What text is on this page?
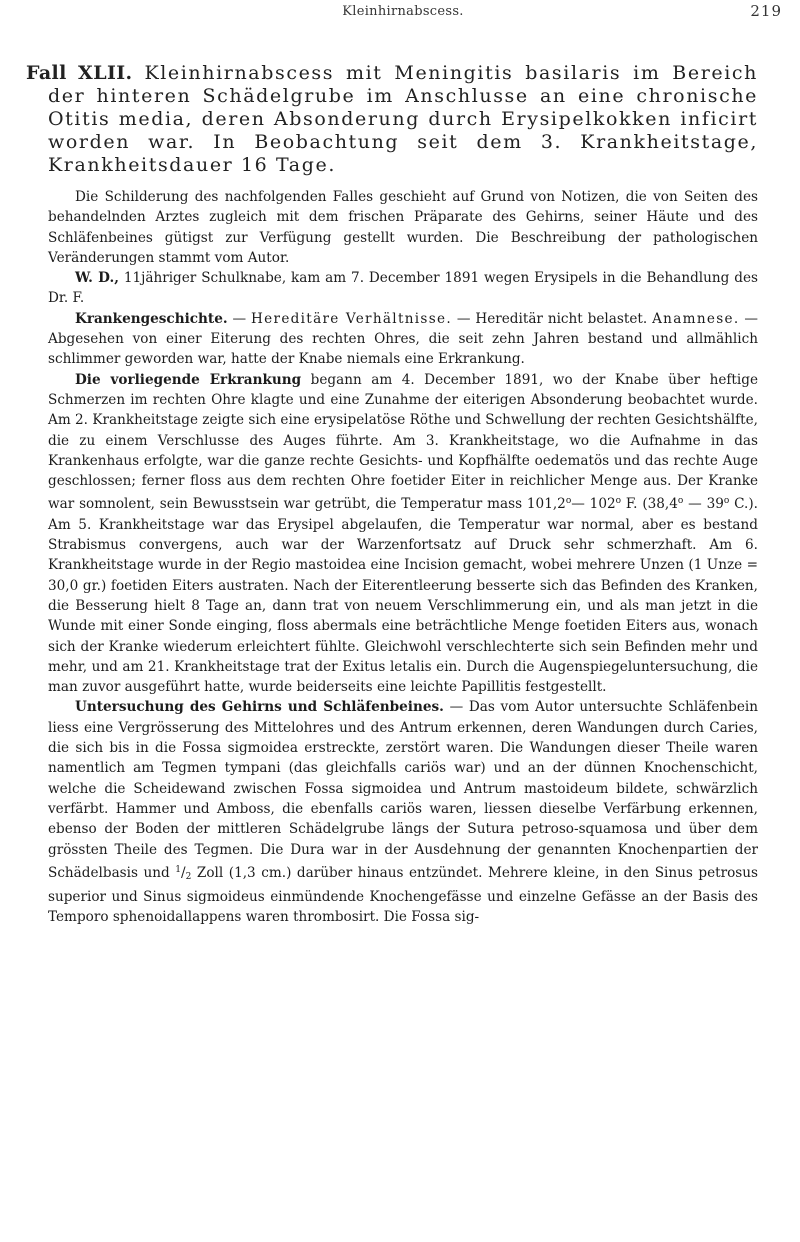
Kleinhirnabscess.	219
Fall XLII. Kleinhirnabscess mit Meningitis basilaris im Bereich der hinteren Schädelgrube im Anschlusse an eine chronische Otitis media, deren Absonderung durch Erysipelkokken inficirt worden war. In Beobachtung seit dem 3. Krankheitstage, Krankheitsdauer 16 Tage.

Die Schilderung des nachfolgenden Falles geschieht auf Grund von Notizen, die von Seiten des behandelnden Arztes zugleich mit dem frischen Präparate des Gehirns, seiner Häute und des Schläfenbeines gütigst zur Verfügung gestellt wurden. Die Beschreibung der pathologischen Veränderungen stammt vom Autor.

W. D., 11jähriger Schulknabe, kam am 7. December 1891 wegen Erysipels in die Behandlung des Dr. F.

Krankengeschichte. — Hereditäre Verhältnisse. — Hereditär nicht belastet. Anamnese. — Abgesehen von einer Eiterung des rechten Ohres, die seit zehn Jahren bestand und allmählich schlimmer geworden war, hatte der Knabe niemals eine Erkrankung.

Die vorliegende Erkrankung begann am 4. December 1891, wo der Knabe über heftige Schmerzen im rechten Ohre klagte und eine Zunahme der eiterigen Absonderung beobachtet wurde. Am 2. Krankheitstage zeigte sich eine erysipelatöse Röthe und Schwellung der rechten Gesichtshälfte, die zu einem Verschlusse des Auges führte. Am 3. Krankheitstage, wo die Aufnahme in das Krankenhaus erfolgte, war die ganze rechte Gesichts- und Kopfhälfte oedematös und das rechte Auge geschlossen; ferner floss aus dem rechten Ohre foetider Eiter in reichlicher Menge aus. Der Kranke war somnolent, sein Bewusstsein war getrübt, die Temperatur mass 101,2$^o$— 102$^o$ F. (38,4$^o$ — 39$^o$ C.). Am 5. Krankheitstage war das Erysipel abgelaufen, die Temperatur war normal, aber es bestand Strabismus convergens, auch war der Warzenfortsatz auf Druck sehr schmerzhaft. Am 6. Krankheitstage wurde in der Regio mastoidea eine Incision gemacht, wobei mehrere Unzen (1 Unze = 30,0 gr.) foetiden Eiters austraten. Nach der Eiterentleerung besserte sich das Befinden des Kranken, die Besserung hielt 8 Tage an, dann trat von neuem Verschlimmerung ein, und als man jetzt in die Wunde mit einer Sonde einging, floss abermals eine beträchtliche Menge foetiden Eiters aus, wonach sich der Kranke wiederum erleichtert fühlte. Gleichwohl verschlechterte sich sein Befinden mehr und mehr, und am 21. Krankheitstage trat der Exitus letalis ein. Durch die Augenspiegeluntersuchung, die man zuvor ausgeführt hatte, wurde beiderseits eine leichte Papillitis festgestellt.

Untersuchung des Gehirns und Schläfenbeines. — Das vom Autor untersuchte Schläfenbein liess eine Vergrösserung des Mittelohres und des Antrum erkennen, deren Wandungen durch Caries, die sich bis in die Fossa sigmoidea erstreckte, zerstört waren. Die Wandungen dieser Theile waren namentlich am Tegmen tympani (das gleichfalls cariös war) und an der dünnen Knochenschicht, welche die Scheidewand zwischen Fossa sigmoidea und Antrum mastoideum bildete, schwärzlich verfärbt. Hammer und Amboss, die ebenfalls cariös waren, liessen dieselbe Verfärbung erkennen, ebenso der Boden der mittleren Schädelgrube längs der Sutura petroso-squamosa und über dem grössten Theile des Tegmen. Die Dura war in der Ausdehnung der genannten Knochenpartien der Schädelbasis und $^1/_2$ Zoll (1,3 cm.) darüber hinaus entzündet. Mehrere kleine, in den Sinus petrosus superior und Sinus sigmoideus einmündende Knochengefässe und einzelne Gefässe an der Basis des Temporo sphenoidallappens waren thrombosirt. Die Fossa sig-
